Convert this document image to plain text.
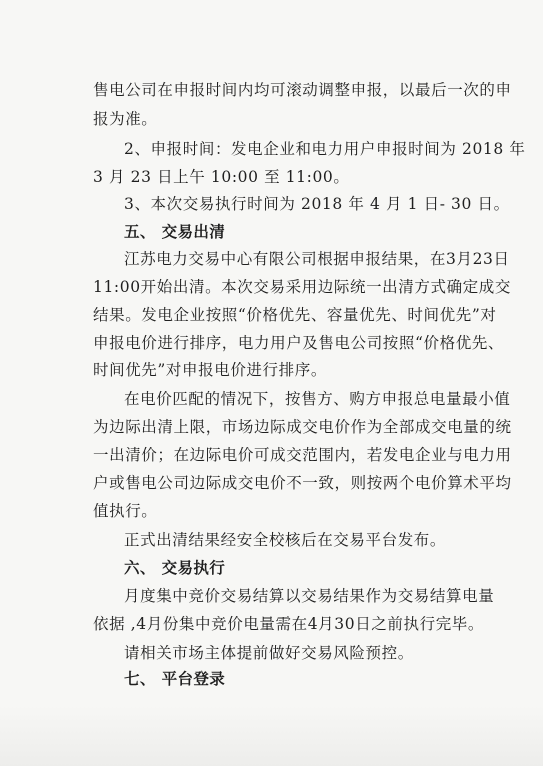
售电公司在申报时间内均可滚动调整申报，以最后一次的申
报为准。
2、申报时间：发电企业和电力用户申报时间为 2018 年
3 月 23 日上午 10:00 至 11:00。
3、本次交易执行时间为 2018 年 4 月 1 日- 30 日。
五、 交易出清
江苏电力交易中心有限公司根据申报结果，在3月23日
11:00开始出清。本次交易采用边际统一出清方式确定成交
结果。发电企业按照“价格优先、容量优先、时间优先”对
申报电价进行排序，电力用户及售电公司按照“价格优先、
时间优先”对申报电价进行排序。
在电价匹配的情况下，按售方、购方申报总电量最小值
为边际出清上限，市场边际成交电价作为全部成交电量的统
一出清价；在边际电价可成交范围内，若发电企业与电力用
户或售电公司边际成交电价不一致，则按两个电价算术平均
值执行。
正式出清结果经安全校核后在交易平台发布。
六、 交易执行
月度集中竞价交易结算以交易结果作为交易结算电量
依据 ,4月份集中竞价电量需在4月30日之前执行完毕。
请相关市场主体提前做好交易风险预控。
七、 平台登录
